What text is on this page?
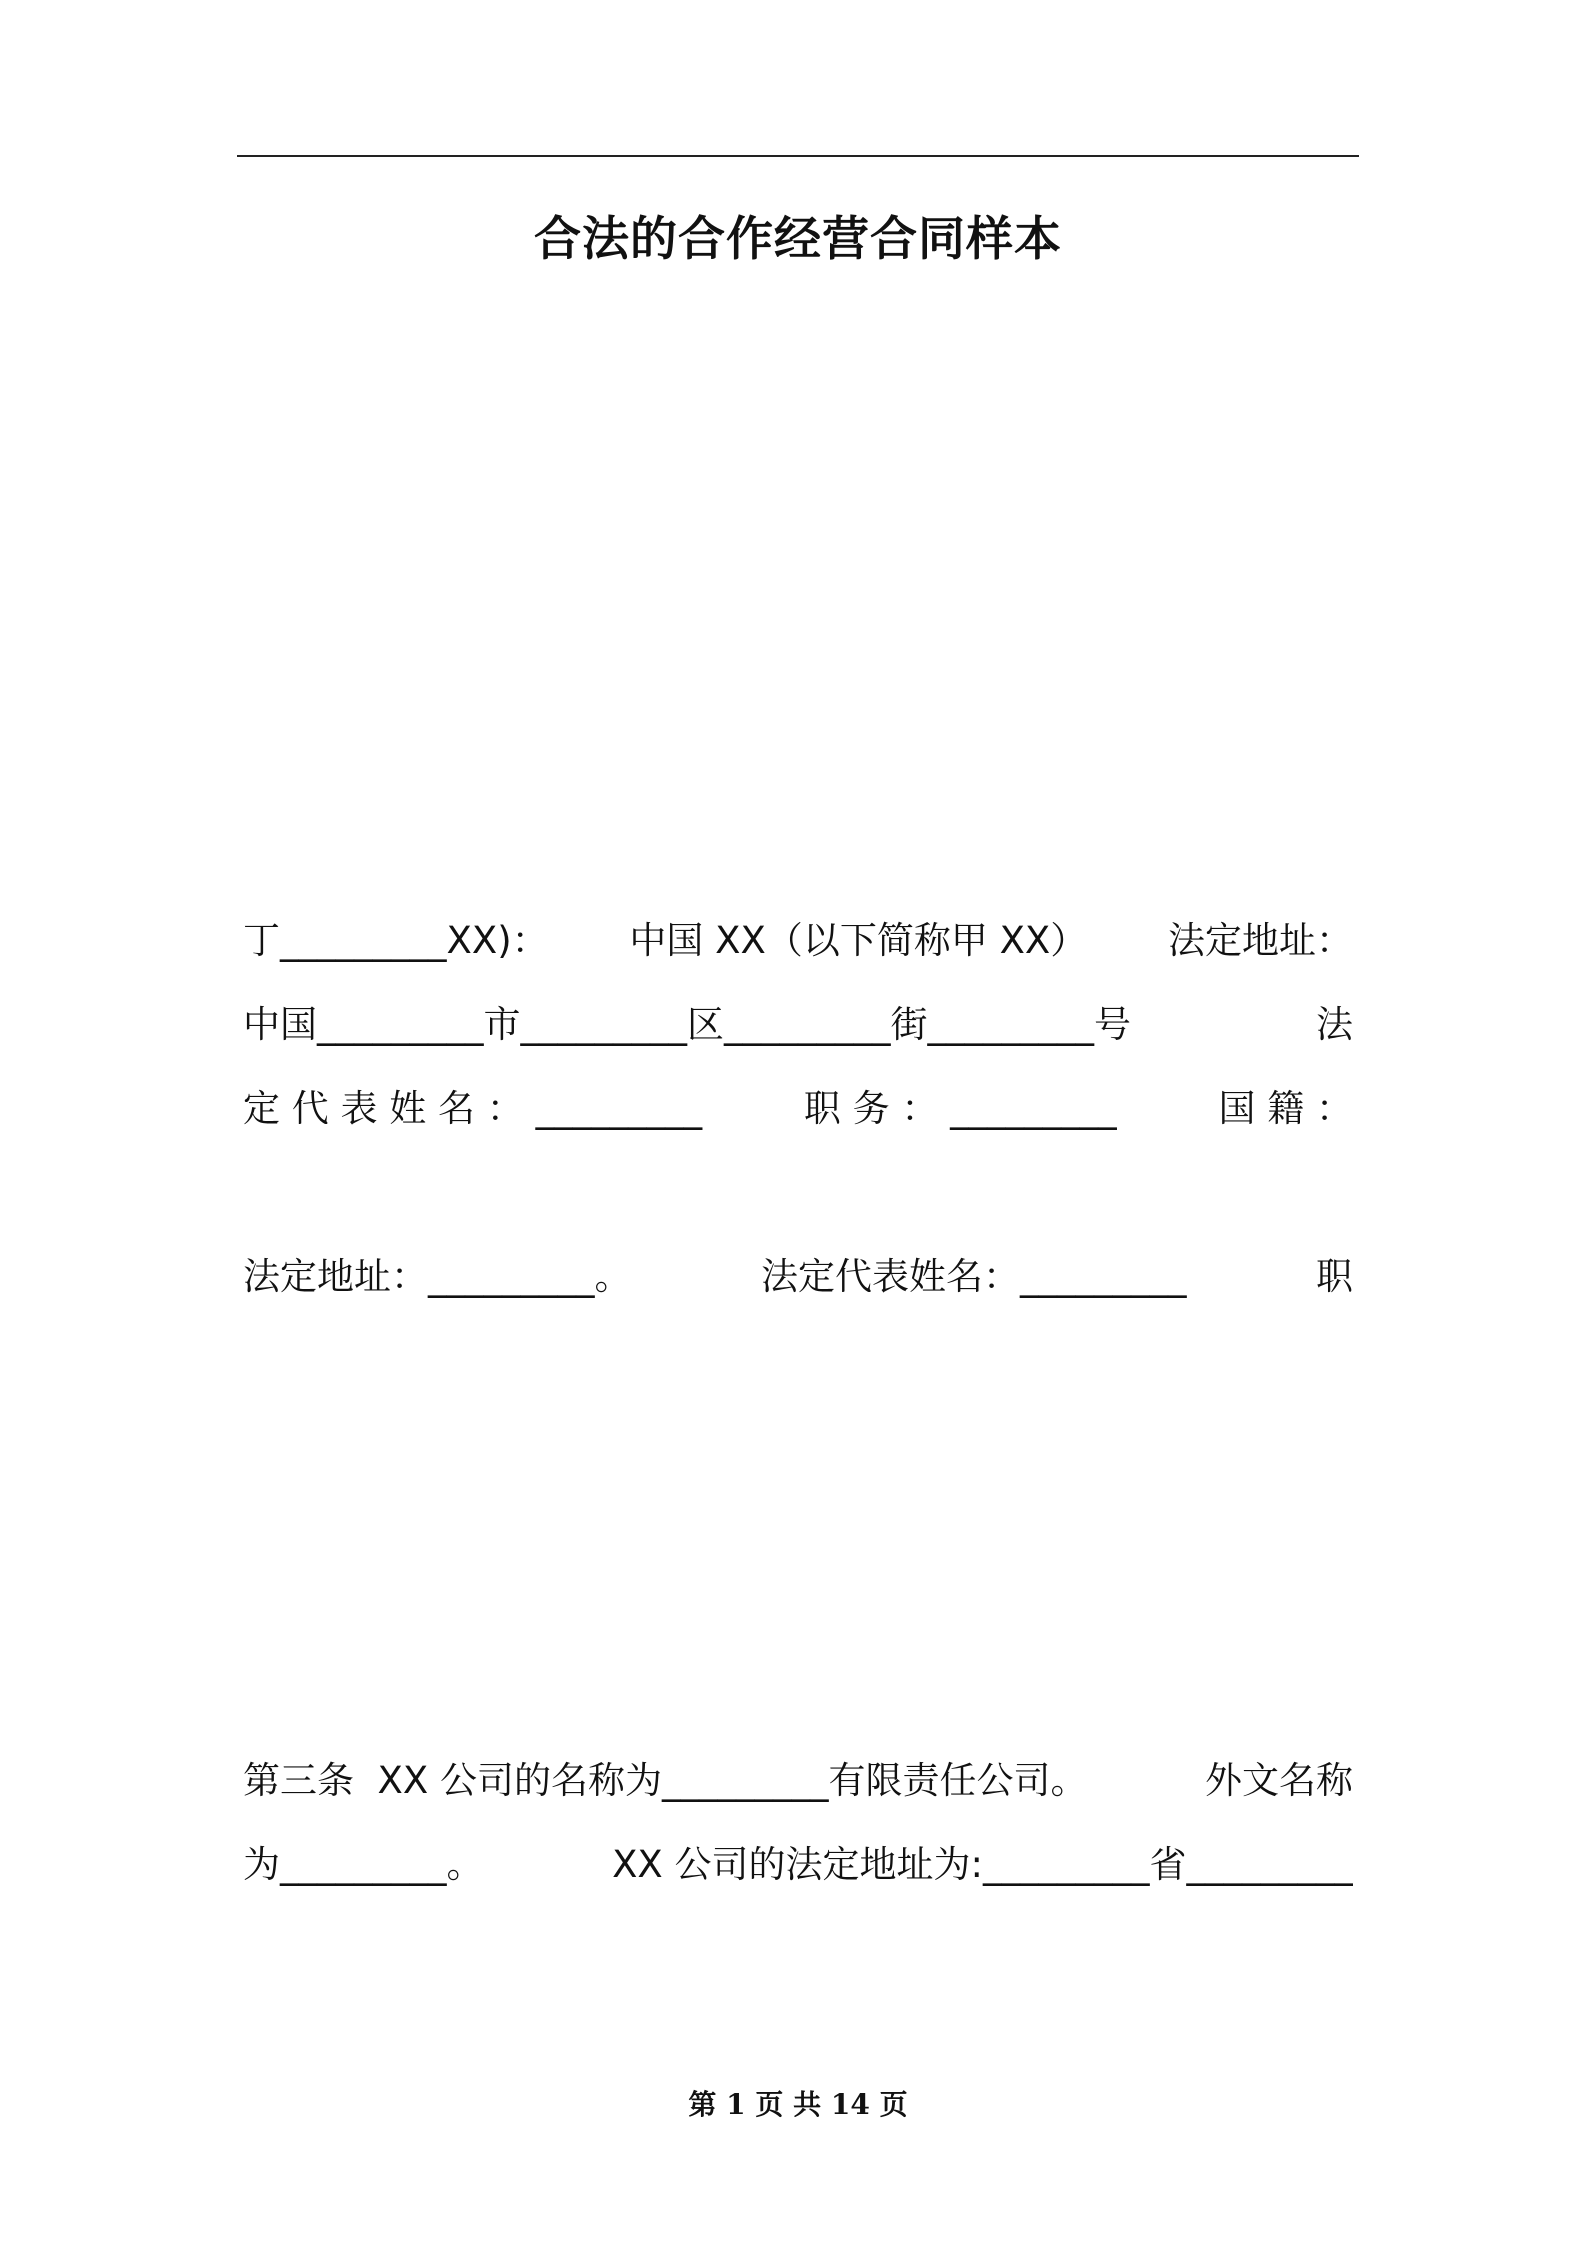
合法的合作经营合同样本

丁_________XX)： 中国 XX（以下简称甲 XX） 法定地址：
中国_________市_________区_________街_________号	法
定 代 表 姓 名 ： _________	职 务 ： _________	国 籍 ：

法定地址：_________。	法定代表姓名：_________	职

第三条  XX 公司的名称为_________有限责任公司。	外文名称
为_________。	XX 公司的法定地址为:_________省_________

第 1 页 共 14 页
